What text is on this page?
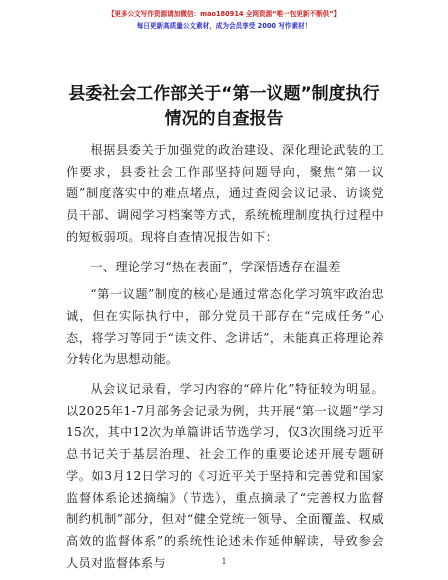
【更多公文写作资源请加微信：mao180914 全网资源“唯一包更新不断供”】
每日更新高质量公文素材，成为会员享受 2000 写作素材！
县委社会工作部关于“第一议题”制度执行情况的自查报告

根据县委关于加强党的政治建设、深化理论武装的工作要求，县委社会工作部坚持问题导向，聚焦“第一议题”制度落实中的难点堵点，通过查阅会议记录、访谈党员干部、调阅学习档案等方式，系统梳理制度执行过程中的短板弱项。现将自查情况报告如下：

一、理论学习“热在表面”，学深悟透存在温差

“第一议题”制度的核心是通过常态化学习筑牢政治忠诚，但在实际执行中，部分党员干部存在“完成任务”心态，将学习等同于“读文件、念讲话”，未能真正将理论养分转化为思想动能。

从会议记录看，学习内容的“碎片化”特征较为明显。以2025年1-7月部务会记录为例，共开展“第一议题”学习15次，其中12次为单篇讲话节选学习，仅3次围绕习近平总书记关于基层治理、社会工作的重要论述开展专题研学。如3月12日学习的《习近平关于坚持和完善党和国家监督体系论述摘编》（节选），重点摘录了“完善权力监督制约机制”部分，但对“健全党统一领导、全面覆盖、权威高效的监督体系”的系统性论述未作延伸解读，导致参会人员对监督体系与	1
